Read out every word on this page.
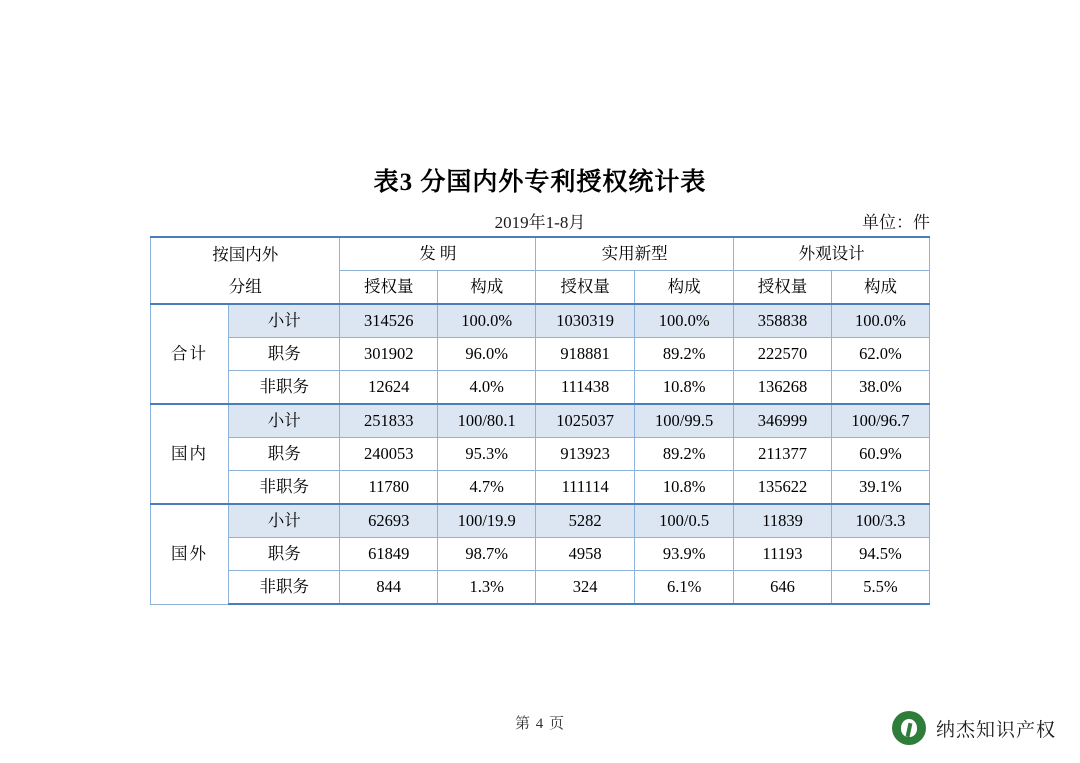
表3 分国内外专利授权统计表
2019年1-8月	单位：件
按国内外
分组		发 明		实用新型		外观设计	
		授权量	构成	授权量	构成	授权量	构成
合计	小计	314526	100.0%	1030319	100.0%	358838	100.0%
	职务	301902	96.0%	918881	89.2%	222570	62.0%
	非职务	12624	4.0%	111438	10.8%	136268	38.0%
国内	小计	251833	100/80.1	1025037	100/99.5	346999	100/96.7
	职务	240053	95.3%	913923	89.2%	211377	60.9%
	非职务	11780	4.7%	111114	10.8%	135622	39.1%
国外	小计	62693	100/19.9	5282	100/0.5	11839	100/3.3
	职务	61849	98.7%	4958	93.9%	11193	94.5%
	非职务	844	1.3%	324	6.1%	646	5.5%
第 4 页	纳杰知识产权
